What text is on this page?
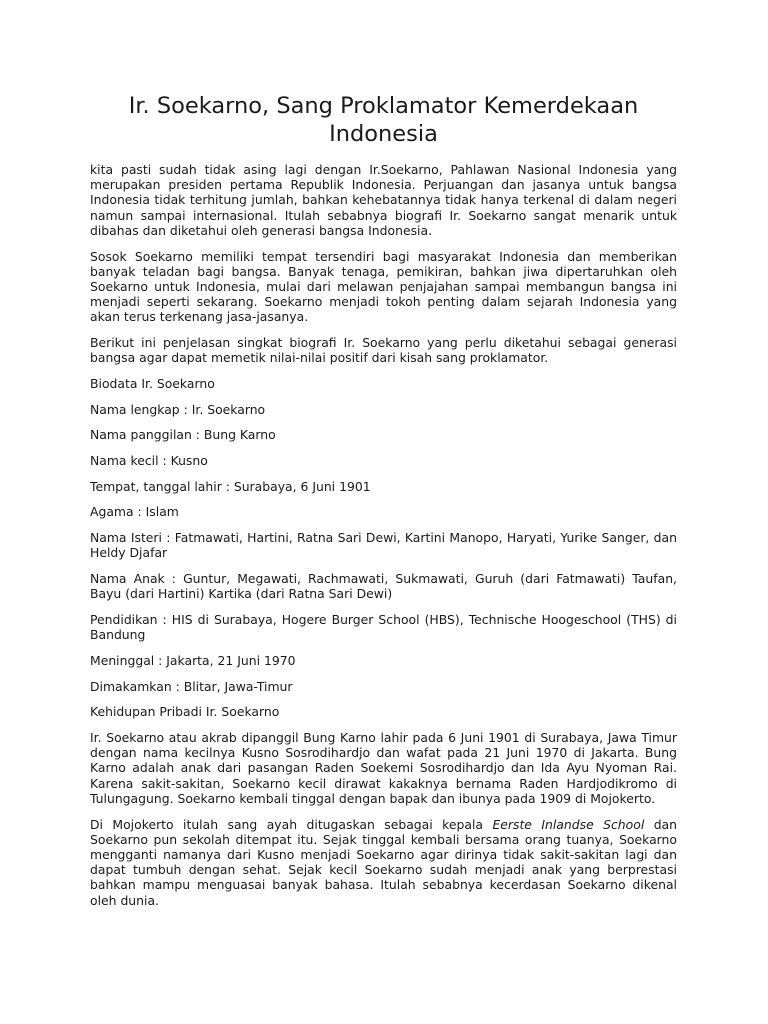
Ir. Soekarno, Sang Proklamator Kemerdekaan Indonesia

kita pasti sudah tidak asing lagi dengan Ir.Soekarno, Pahlawan Nasional Indonesia yang merupakan presiden pertama Republik Indonesia. Perjuangan dan jasanya untuk bangsa Indonesia tidak terhitung jumlah, bahkan kehebatannya tidak hanya terkenal di dalam negeri namun sampai internasional. Itulah sebabnya biografi Ir. Soekarno sangat menarik untuk dibahas dan diketahui oleh generasi bangsa Indonesia.

Sosok Soekarno memiliki tempat tersendiri bagi masyarakat Indonesia dan memberikan banyak teladan bagi bangsa. Banyak tenaga, pemikiran, bahkan jiwa dipertaruhkan oleh Soekarno untuk Indonesia, mulai dari melawan penjajahan sampai membangun bangsa ini menjadi seperti sekarang. Soekarno menjadi tokoh penting dalam sejarah Indonesia yang akan terus terkenang jasa-jasanya.

Berikut ini penjelasan singkat biografi Ir. Soekarno yang perlu diketahui sebagai generasi bangsa agar dapat memetik nilai-nilai positif dari kisah sang proklamator.

Biodata Ir. Soekarno

Nama lengkap : Ir. Soekarno

Nama panggilan : Bung Karno

Nama kecil : Kusno

Tempat, tanggal lahir : Surabaya, 6 Juni 1901

Agama : Islam

Nama Isteri : Fatmawati, Hartini, Ratna Sari Dewi, Kartini Manopo, Haryati, Yurike Sanger, dan Heldy Djafar

Nama Anak : Guntur, Megawati, Rachmawati, Sukmawati, Guruh (dari Fatmawati) Taufan, Bayu (dari Hartini) Kartika (dari Ratna Sari Dewi)

Pendidikan : HIS di Surabaya, Hogere Burger School (HBS), Technische Hoogeschool (THS) di Bandung

Meninggal : Jakarta, 21 Juni 1970

Dimakamkan : Blitar, Jawa-Timur

Kehidupan Pribadi Ir. Soekarno

Ir. Soekarno atau akrab dipanggil Bung Karno lahir pada 6 Juni 1901 di Surabaya, Jawa Timur dengan nama kecilnya Kusno Sosrodihardjo dan wafat pada 21 Juni 1970 di Jakarta. Bung Karno adalah anak dari pasangan Raden Soekemi Sosrodihardjo dan Ida Ayu Nyoman Rai. Karena sakit-sakitan, Soekarno kecil dirawat kakaknya bernama Raden Hardjodikromo di Tulungagung. Soekarno kembali tinggal dengan bapak dan ibunya pada 1909 di Mojokerto.

Di Mojokerto itulah sang ayah ditugaskan sebagai kepala Eerste Inlandse School dan Soekarno pun sekolah ditempat itu. Sejak tinggal kembali bersama orang tuanya, Soekarno mengganti namanya dari Kusno menjadi Soekarno agar dirinya tidak sakit-sakitan lagi dan dapat tumbuh dengan sehat. Sejak kecil Soekarno sudah menjadi anak yang berprestasi bahkan mampu menguasai banyak bahasa. Itulah sebabnya kecerdasan Soekarno dikenal oleh dunia.
